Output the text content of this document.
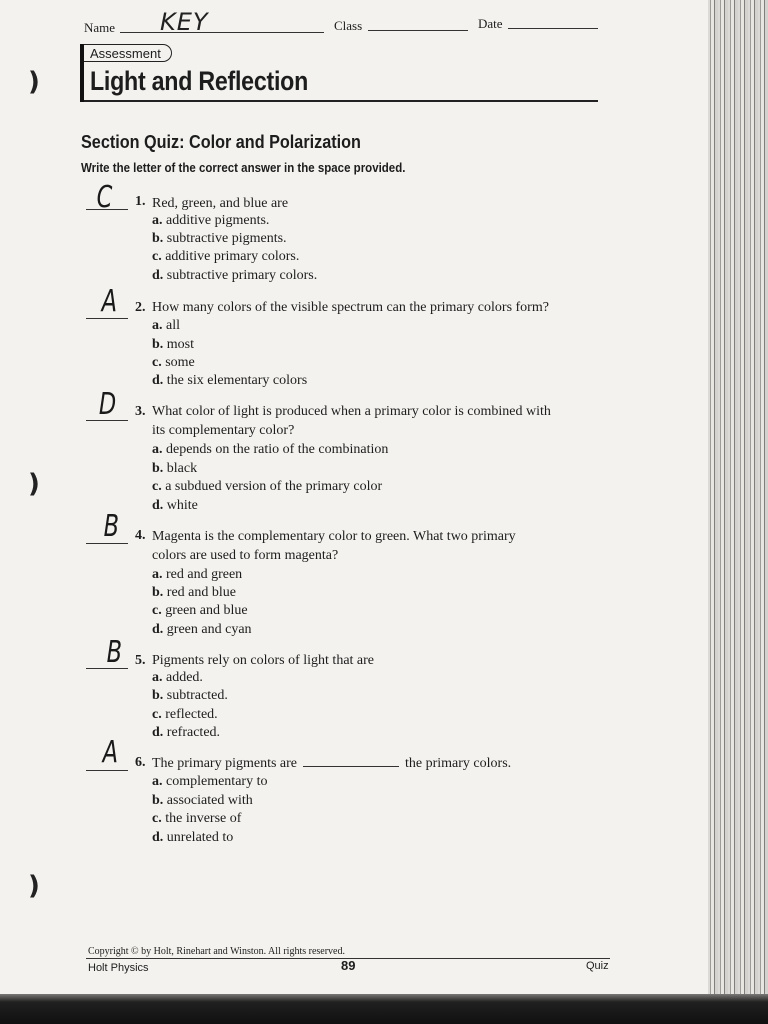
)
)
)
Name KEY	Class	Date
Assessment
Light and Reflection
Section Quiz: Color and Polarization
Write the letter of the correct answer in the space provided.
C 1. Red, green, and blue are
a. additive pigments.
b. subtractive pigments.
c. additive primary colors.
d. subtractive primary colors.
A 2. How many colors of the visible spectrum can the primary colors form?
a. all
b. most
c. some
d. the six elementary colors
D 3. What color of light is produced when a primary color is combined with
its complementary color?
a. depends on the ratio of the combination
b. black
c. a subdued version of the primary color
d. white
B 4. Magenta is the complementary color to green. What two primary
colors are used to form magenta?
a. red and green
b. red and blue
c. green and blue
d. green and cyan
B 5. Pigments rely on colors of light that are
a. added.
b. subtracted.
c. reflected.
d. refracted.
A 6. The primary pigments are	the primary colors.
a. complementary to
b. associated with
c. the inverse of
d. unrelated to
Copyright © by Holt, Rinehart and Winston. All rights reserved.
Holt Physics	89	Quiz
